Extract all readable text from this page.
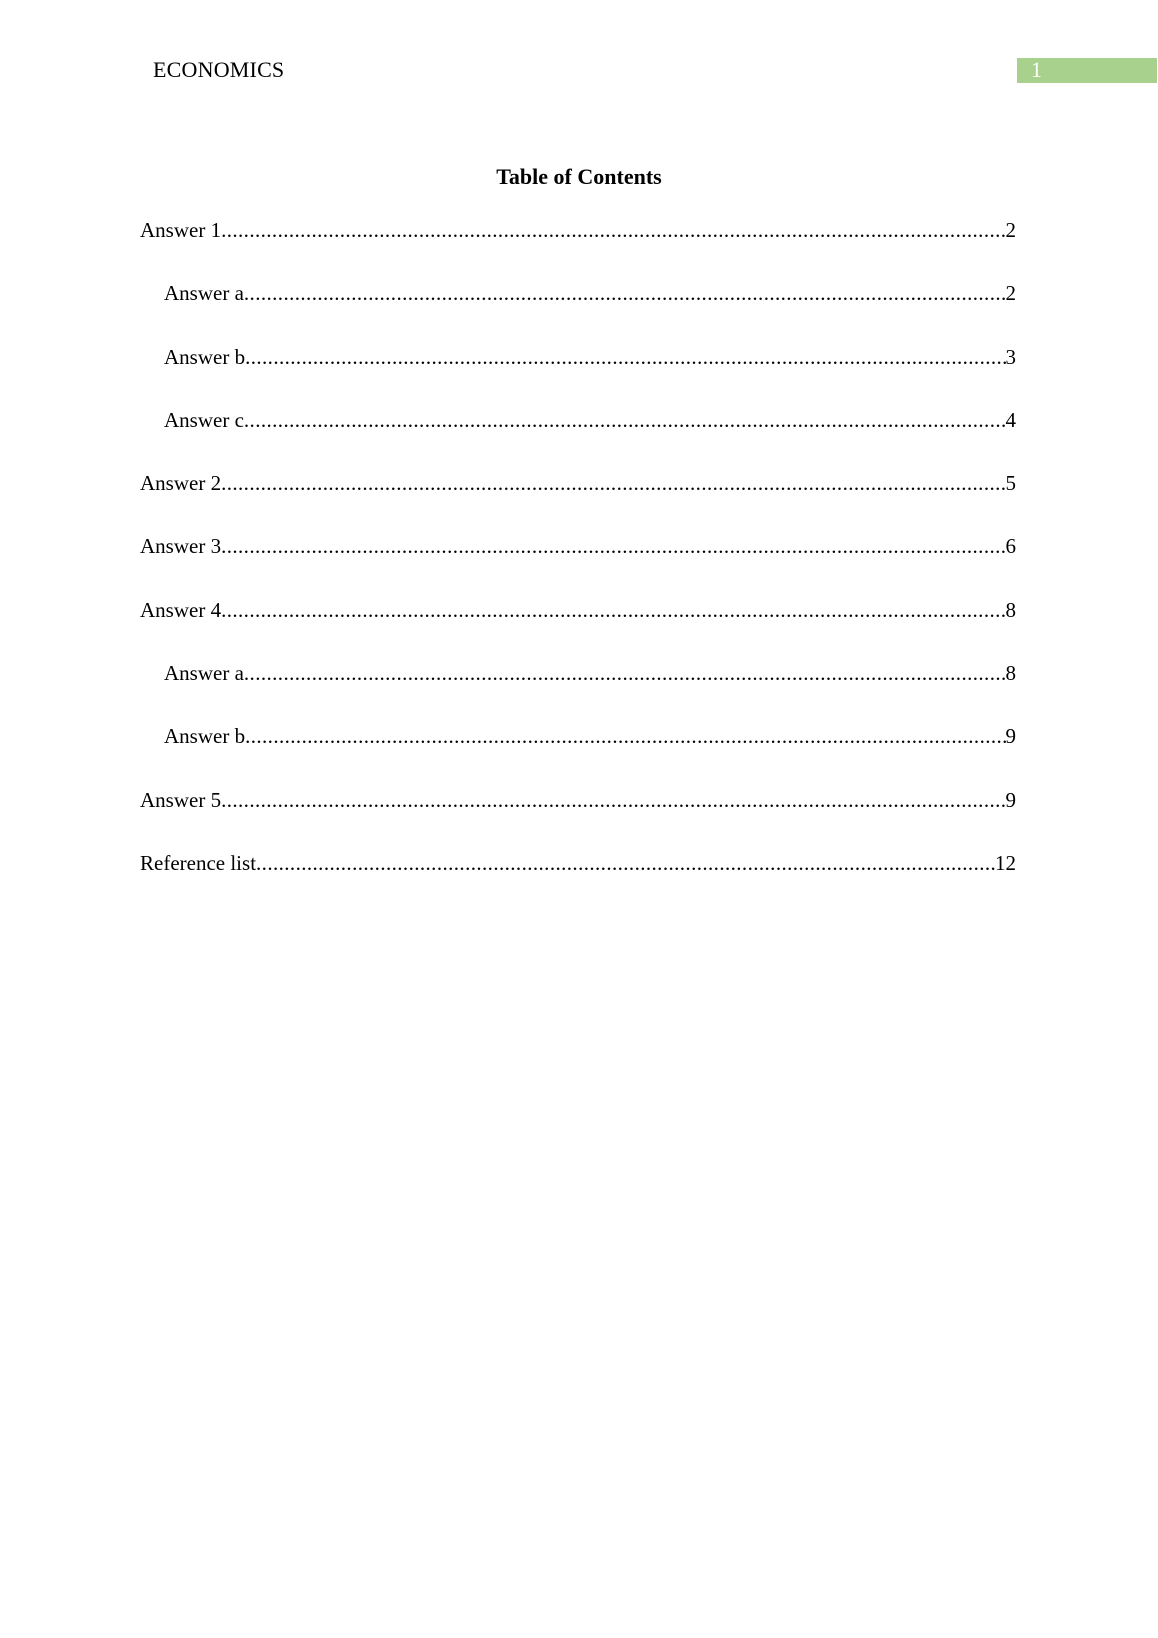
ECONOMICS	1
Table of Contents
Answer 1 .....	2
Answer a .....	2
Answer b .....	3
Answer c .....	4
Answer 2 .....	5
Answer 3 .....	6
Answer 4 .....	8
Answer a .....	8
Answer b .....	9
Answer 5 .....	9
Reference list .....	12
